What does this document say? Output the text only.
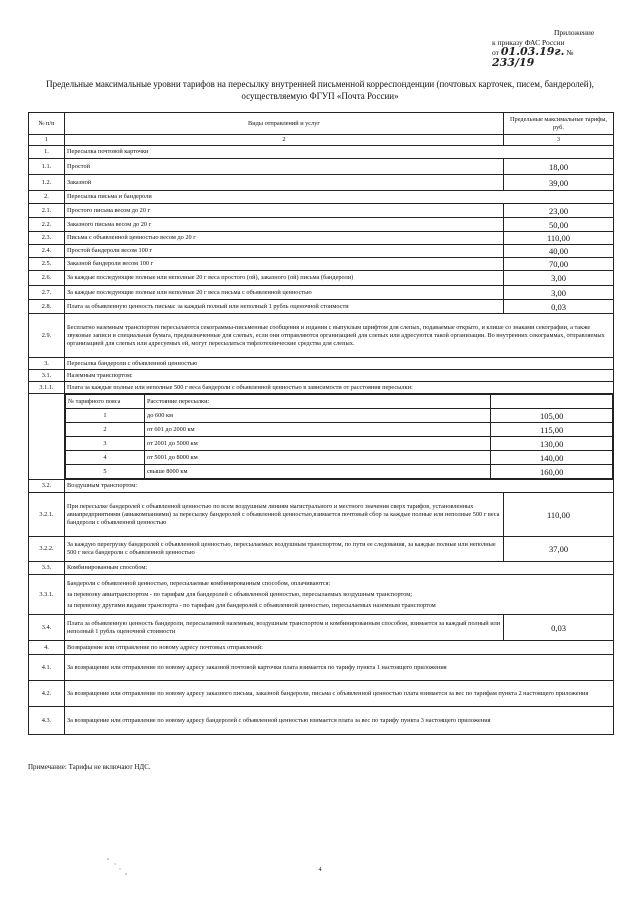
Приложение
к приказу ФАС России
от 01.03.19г. № 233/19
Предельные максимальные уровни тарифов на пересылку внутренней письменной корреспонденции (почтовых карточек, писем, бандеролей), осуществляемую ФГУП «Почта России»
№ п/п	Виды отправлений и услуг	Предельные максимальные тарифы, руб.
1	2	3
1.	Пересылка почтовой карточки
1.1.	Простой	18,00
1.2.	Заказной	39,00
2.	Пересылка письма и бандероли
2.1.	Простого письма весом до 20 г	23,00
2.2.	Заказного письма весом до 20 г	50,00
2.3.	Письма с объявленной ценностью весом до 20 г	110,00
2.4.	Простой бандероли весом 100 г	40,00
2.5.	Заказной бандероли весом 100 г	70,00
2.6.	За каждые последующие полные или неполные 20 г веса простого (ой), заказного (ой) письма (бандероли)	3,00
2.7.	За каждые последующие полные или неполные 20 г веса письма с объявленной ценностью	3,00
2.8.	Плата за объявленную ценность письма: за каждый полный или неполный 1 рубль оценочной стоимости	0,03
2.9.	Бесплатно наземным транспортом пересылаются секограммы-письменные сообщения и издания с выпуклым шрифтом для слепых, подаваемые открыто, и клише со знаками секографии, а также звуковые записи и специальная бумага, предназначенные для слепых, если они отправляются организацией для слепых или адресуются такой организации. Во внутренних секограммах, отправляемых организацией для слепых или адресуемых ей, могут пересылаться тифлотехнические средства для слепых.
3.	Пересылка бандероли с объявленной ценностью
3.1.	Наземным транспортом:
3.1.1.	Плата за каждые полные или неполные 500 г веса бандероли с объявленной ценностью в зависимости от расстояния пересылки:

№ тарифного пояса	Расстояние пересылки:	
1	до 600 км	105,00
2	от 601 до 2000 км	115,00
3	от 2001 до 5000 км	130,00
4	от 5001 до 8000 км	140,00
5	свыше 8000 км	160,00

3.2.	Воздушным транспортом:
3.2.1.	При пересылке бандеролей с объявленной ценностью по всем воздушным линиям магистрального и местного значения сверх тарифов, установленных авиапредприятиями (авиакомпаниями) за пересылку бандеролей с объявленной ценностью,взимается почтовый сбор за каждые полные или неполные 500 г веса бандероли с объявленной ценностью	110,00
3.2.2.	За каждую перегрузку бандеролей с объявленной ценностью, пересылаемых воздушным транспортом, по пути ее следования, за каждые полные или неполные 500 г веса бандероли с объявленной ценностью	37,00
3.3.	Комбинированным способом:
3.3.1.	
Бандероли с объявленной ценностью, пересылаемые комбинированным способом, оплачиваются:
за перевозку авиатранспортом - по тарифам для бандеролей с объявленной ценностью, пересылаемых воздушным транспортом;
за перевозку другими видами транспорта - по тарифам для бандеролей с объявленной ценностью, пересылаемых наземным транспортом

3.4.	Плата за объявленную ценность бандероли, пересылаемой наземным, воздушным транспортом и комбинированным способом, взимается за каждый полный или неполный 1 рубль оценочной стоимости	0,03
4.	Возвращение или отправление по новому адресу почтовых отправлений:
4.1.	За возвращение или отправление по новому адресу заказной почтовой карточки плата взимается по тарифу пункта 1 настоящего приложения
4.2.	За возвращение или отправление по новому адресу заказного письма, заказной бандероли, письма с объявленной ценностью плата взимается за вес по тарифам пункта 2 настоящего приложения
4.3.	За возвращение или отправление по новому адресу бандеролей с объявленной ценностью взимается плата за вес по тарифу пункта 3 настоящего приложения
Примечание: Тарифы не включают НДС.
4
